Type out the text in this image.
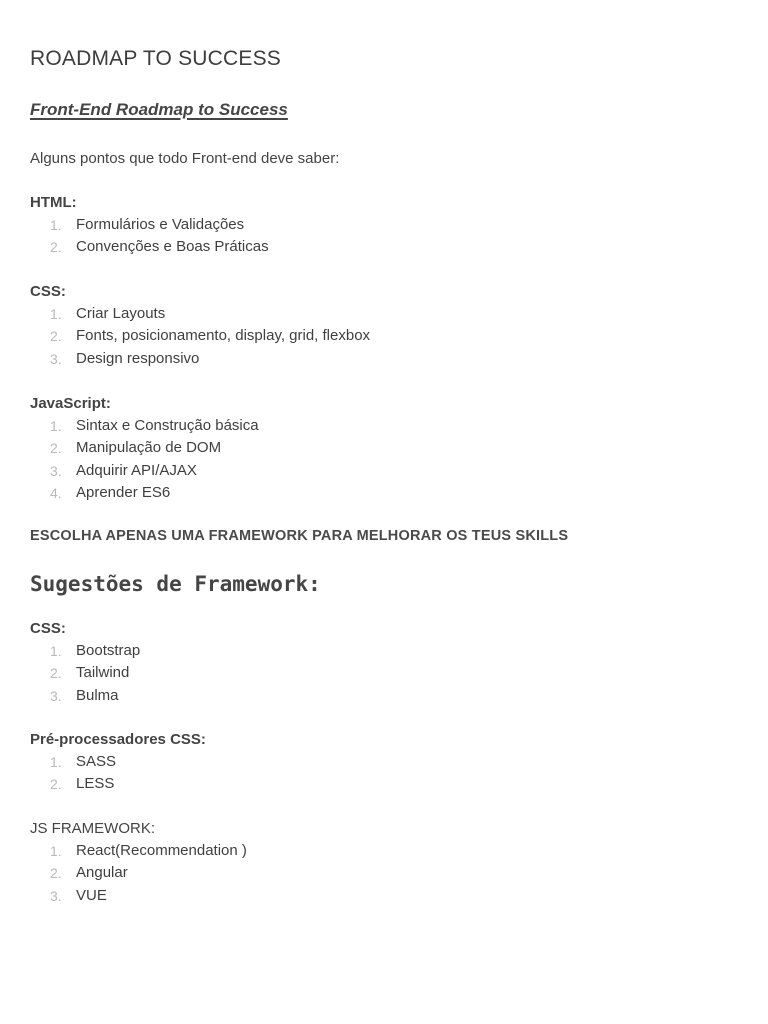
ROADMAP TO SUCCESS
Front-End Roadmap to Success

Alguns pontos que todo Front-end deve saber:

HTML:
1. Formulários e Validações
2. Convenções e Boas Práticas
CSS:
1. Criar Layouts
2. Fonts, posicionamento, display, grid, flexbox
3. Design responsivo
JavaScript:
1. Sintax e Construção básica
2. Manipulação de DOM
3. Adquirir API/AJAX
4. Aprender ES6

ESCOLHA APENAS UMA FRAMEWORK PARA MELHORAR OS TEUS SKILLS

Sugestões de Framework:
CSS:
1. Bootstrap
2. Tailwind
3. Bulma
Pré-processadores CSS:
1. SASS
2. LESS
JS FRAMEWORK:
1. React(Recommendation )
2. Angular
3. VUE
